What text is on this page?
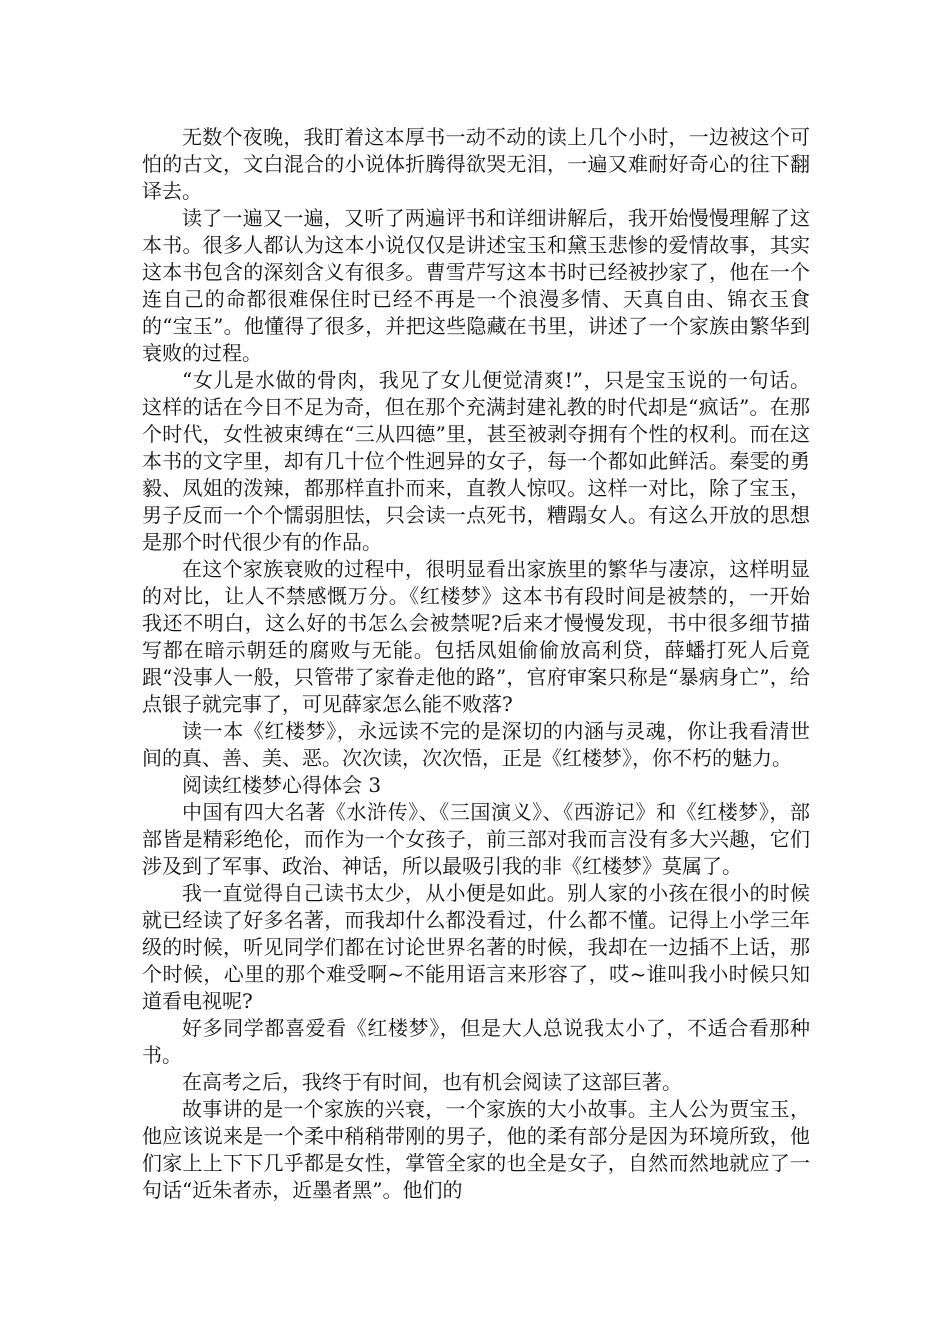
无数个夜晚，我盯着这本厚书一动不动的读上几个小时，一边被这个可怕的古文，文白混合的小说体折腾得欲哭无泪，一遍又难耐好奇心的往下翻译去。

读了一遍又一遍，又听了两遍评书和详细讲解后，我开始慢慢理解了这本书。很多人都认为这本小说仅仅是讲述宝玉和黛玉悲惨的爱情故事，其实这本书包含的深刻含义有很多。曹雪芹写这本书时已经被抄家了，他在一个连自己的命都很难保住时已经不再是一个浪漫多情、天真自由、锦衣玉食的“宝玉”。他懂得了很多，并把这些隐藏在书里，讲述了一个家族由繁华到衰败的过程。

“女儿是水做的骨肉，我见了女儿便觉清爽!”，只是宝玉说的一句话。这样的话在今日不足为奇，但在那个充满封建礼教的时代却是“疯话”。在那个时代，女性被束缚在“三从四德”里，甚至被剥夺拥有个性的权利。而在这本书的文字里，却有几十位个性迥异的女子，每一个都如此鲜活。秦雯的勇毅、凤姐的泼辣，都那样直扑而来，直教人惊叹。这样一对比，除了宝玉，男子反而一个个懦弱胆怯，只会读一点死书，糟蹋女人。有这么开放的思想是那个时代很少有的作品。

在这个家族衰败的过程中，很明显看出家族里的繁华与凄凉，这样明显的对比，让人不禁感慨万分。《红楼梦》这本书有段时间是被禁的，一开始我还不明白，这么好的书怎么会被禁呢?后来才慢慢发现，书中很多细节描写都在暗示朝廷的腐败与无能。包括凤姐偷偷放高利贷，薛蟠打死人后竟跟“没事人一般，只管带了家眷走他的路”，官府审案只称是“暴病身亡”，给点银子就完事了，可见薛家怎么能不败落?

读一本《红楼梦》，永远读不完的是深切的内涵与灵魂，你让我看清世间的真、善、美、恶。次次读，次次悟，正是《红楼梦》，你不朽的魅力。

阅读红楼梦心得体会 3

中国有四大名著《水浒传》、《三国演义》、《西游记》和《红楼梦》，部部皆是精彩绝伦，而作为一个女孩子，前三部对我而言没有多大兴趣，它们涉及到了军事、政治、神话，所以最吸引我的非《红楼梦》莫属了。

我一直觉得自己读书太少，从小便是如此。别人家的小孩在很小的时候就已经读了好多名著，而我却什么都没看过，什么都不懂。记得上小学三年级的时候，听见同学们都在讨论世界名著的时候，我却在一边插不上话，那个时候，心里的那个难受啊~不能用语言来形容了，哎~谁叫我小时候只知道看电视呢?

好多同学都喜爱看《红楼梦》，但是大人总说我太小了，不适合看那种书。

在高考之后，我终于有时间，也有机会阅读了这部巨著。

故事讲的是一个家族的兴衰，一个家族的大小故事。主人公为贾宝玉，他应该说来是一个柔中稍稍带刚的男子，他的柔有部分是因为环境所致，他们家上上下下几乎都是女性，掌管全家的也全是女子，自然而然地就应了一句话“近朱者赤，近墨者黑”。他们的
